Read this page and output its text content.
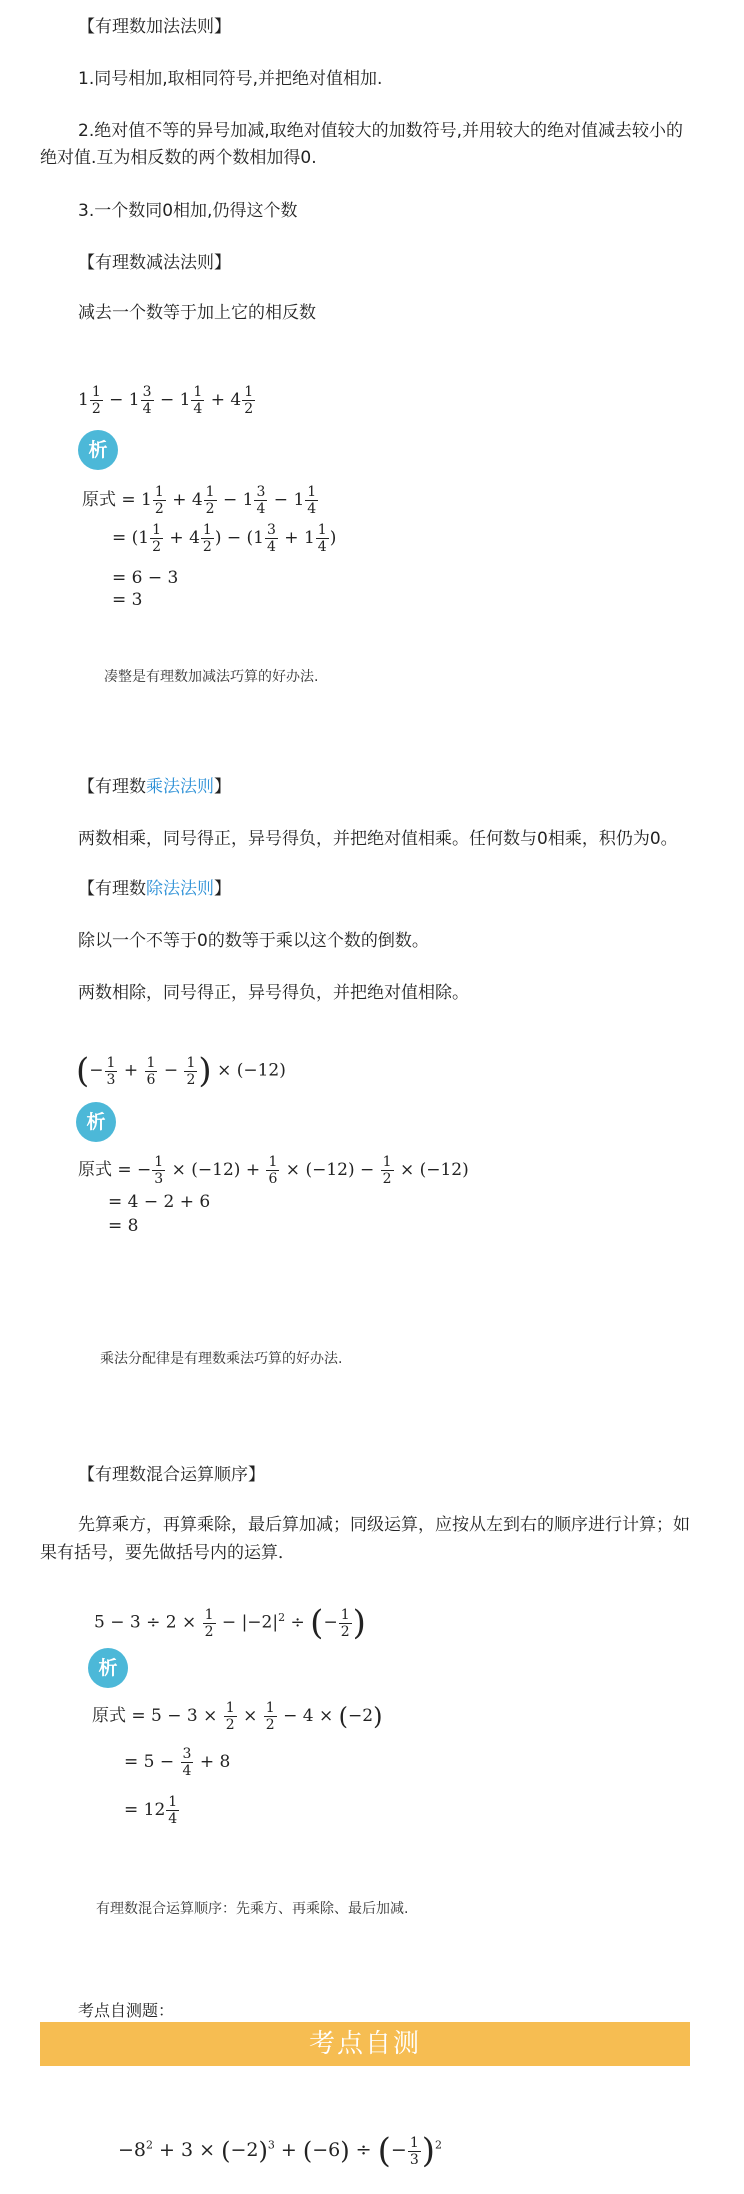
【有理数加法法则】
1.同号相加,取相同符号,并把绝对值相加.
2.绝对值不等的异号加减,取绝对值较大的加数符号,并用较大的绝对值减去较小的
绝对值.互为相反数的两个数相加得0.
3.一个数同0相加,仍得这个数
【有理数减法法则】
减去一个数等于加上它的相反数
$1 \frac{1}{2} - 1 \frac{3}{4} - 1 \frac{1}{4} + 4 \frac{1}{2}$
析
原式 = $1 \frac{1}{2} + 4 \frac{1}{2} - 1 \frac{3}{4} - 1 \frac{1}{4}$
= ($1 \frac{1}{2} + 4 \frac{1}{2}$ ) − ($1 \frac{3}{4} + 1 \frac{1}{4}$ )
= 6 − 3
= 3
凑整是有理数加减法巧算的好办法.
【有理数乘法法则】
两数相乘，同号得正，异号得负，并把绝对值相乘。任何数与0相乘，积仍为0。
【有理数除法法则】
除以一个不等于0的数等于乘以这个数的倒数。
两数相除，同号得正，异号得负，并把绝对值相除。
(− $\frac{1}{3} + \frac{1}{6} - \frac{1}{2}$ ) × (−12)
析
原式 = − $\frac{1}{3} \times (-12) + \frac{1}{6} \times (-12) - \frac{1}{2} \times (-12)$
= 4 − 2 + 6
= 8
乘法分配律是有理数乘法巧算的好办法.
【有理数混合运算顺序】
先算乘方，再算乘除，最后算加减；同级运算，应按从左到右的顺序进行计算；如
果有括号，要先做括号内的运算．
$5 - 3 \div 2 \times \frac{1}{2} - |-2|^2$ ÷ (− $\frac{1}{2}$ )
析
原式 = $5 - 3 \times \frac{1}{2} \times \frac{1}{2} - 4 \times (-2)$
= $5 - \frac{3}{4} + 8$
= $12 \frac{1}{4}$
有理数混合运算顺序：先乘方、再乘除、最后加减.
考点自测题：
考点自测
$-8^2 + 3 \times (-2)^3 + (-6)$ ÷ (− $\frac{1}{3} )^2$
